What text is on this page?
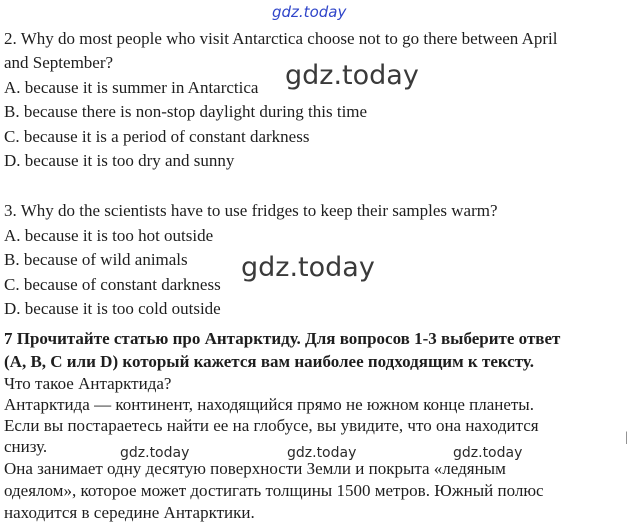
gdz.today
2. Why do most people who visit Antarctica choose not to go there between April
and September?
A. because it is summer in Antarctica
B. because there is non-stop daylight during this time
C. because it is a period of constant darkness
D. because it is too dry and sunny
gdz.today
3. Why do the scientists have to use fridges to keep their samples warm?
A. because it is too hot outside
B. because of wild animals
C. because of constant darkness
D. because it is too cold outside
gdz.today
7 Прочитайте статью про Антарктиду. Для вопросов 1-3 выберите ответ
(A, B, C или D) который кажется вам наиболее подходящим к тексту.
Что такое Антарктида?
Антарктида — континент, находящийся прямо не южном конце планеты.
Если вы постараетесь найти ее на глобусе, вы увидите, что она находится
снизу.
Она занимает одну десятую поверхности Земли и покрыта «ледяным
одеялом», которое может достигать толщины 1500 метров. Южный полюс
находится в середине Антарктики.
gdz.today	gdz.today	gdz.today
|
